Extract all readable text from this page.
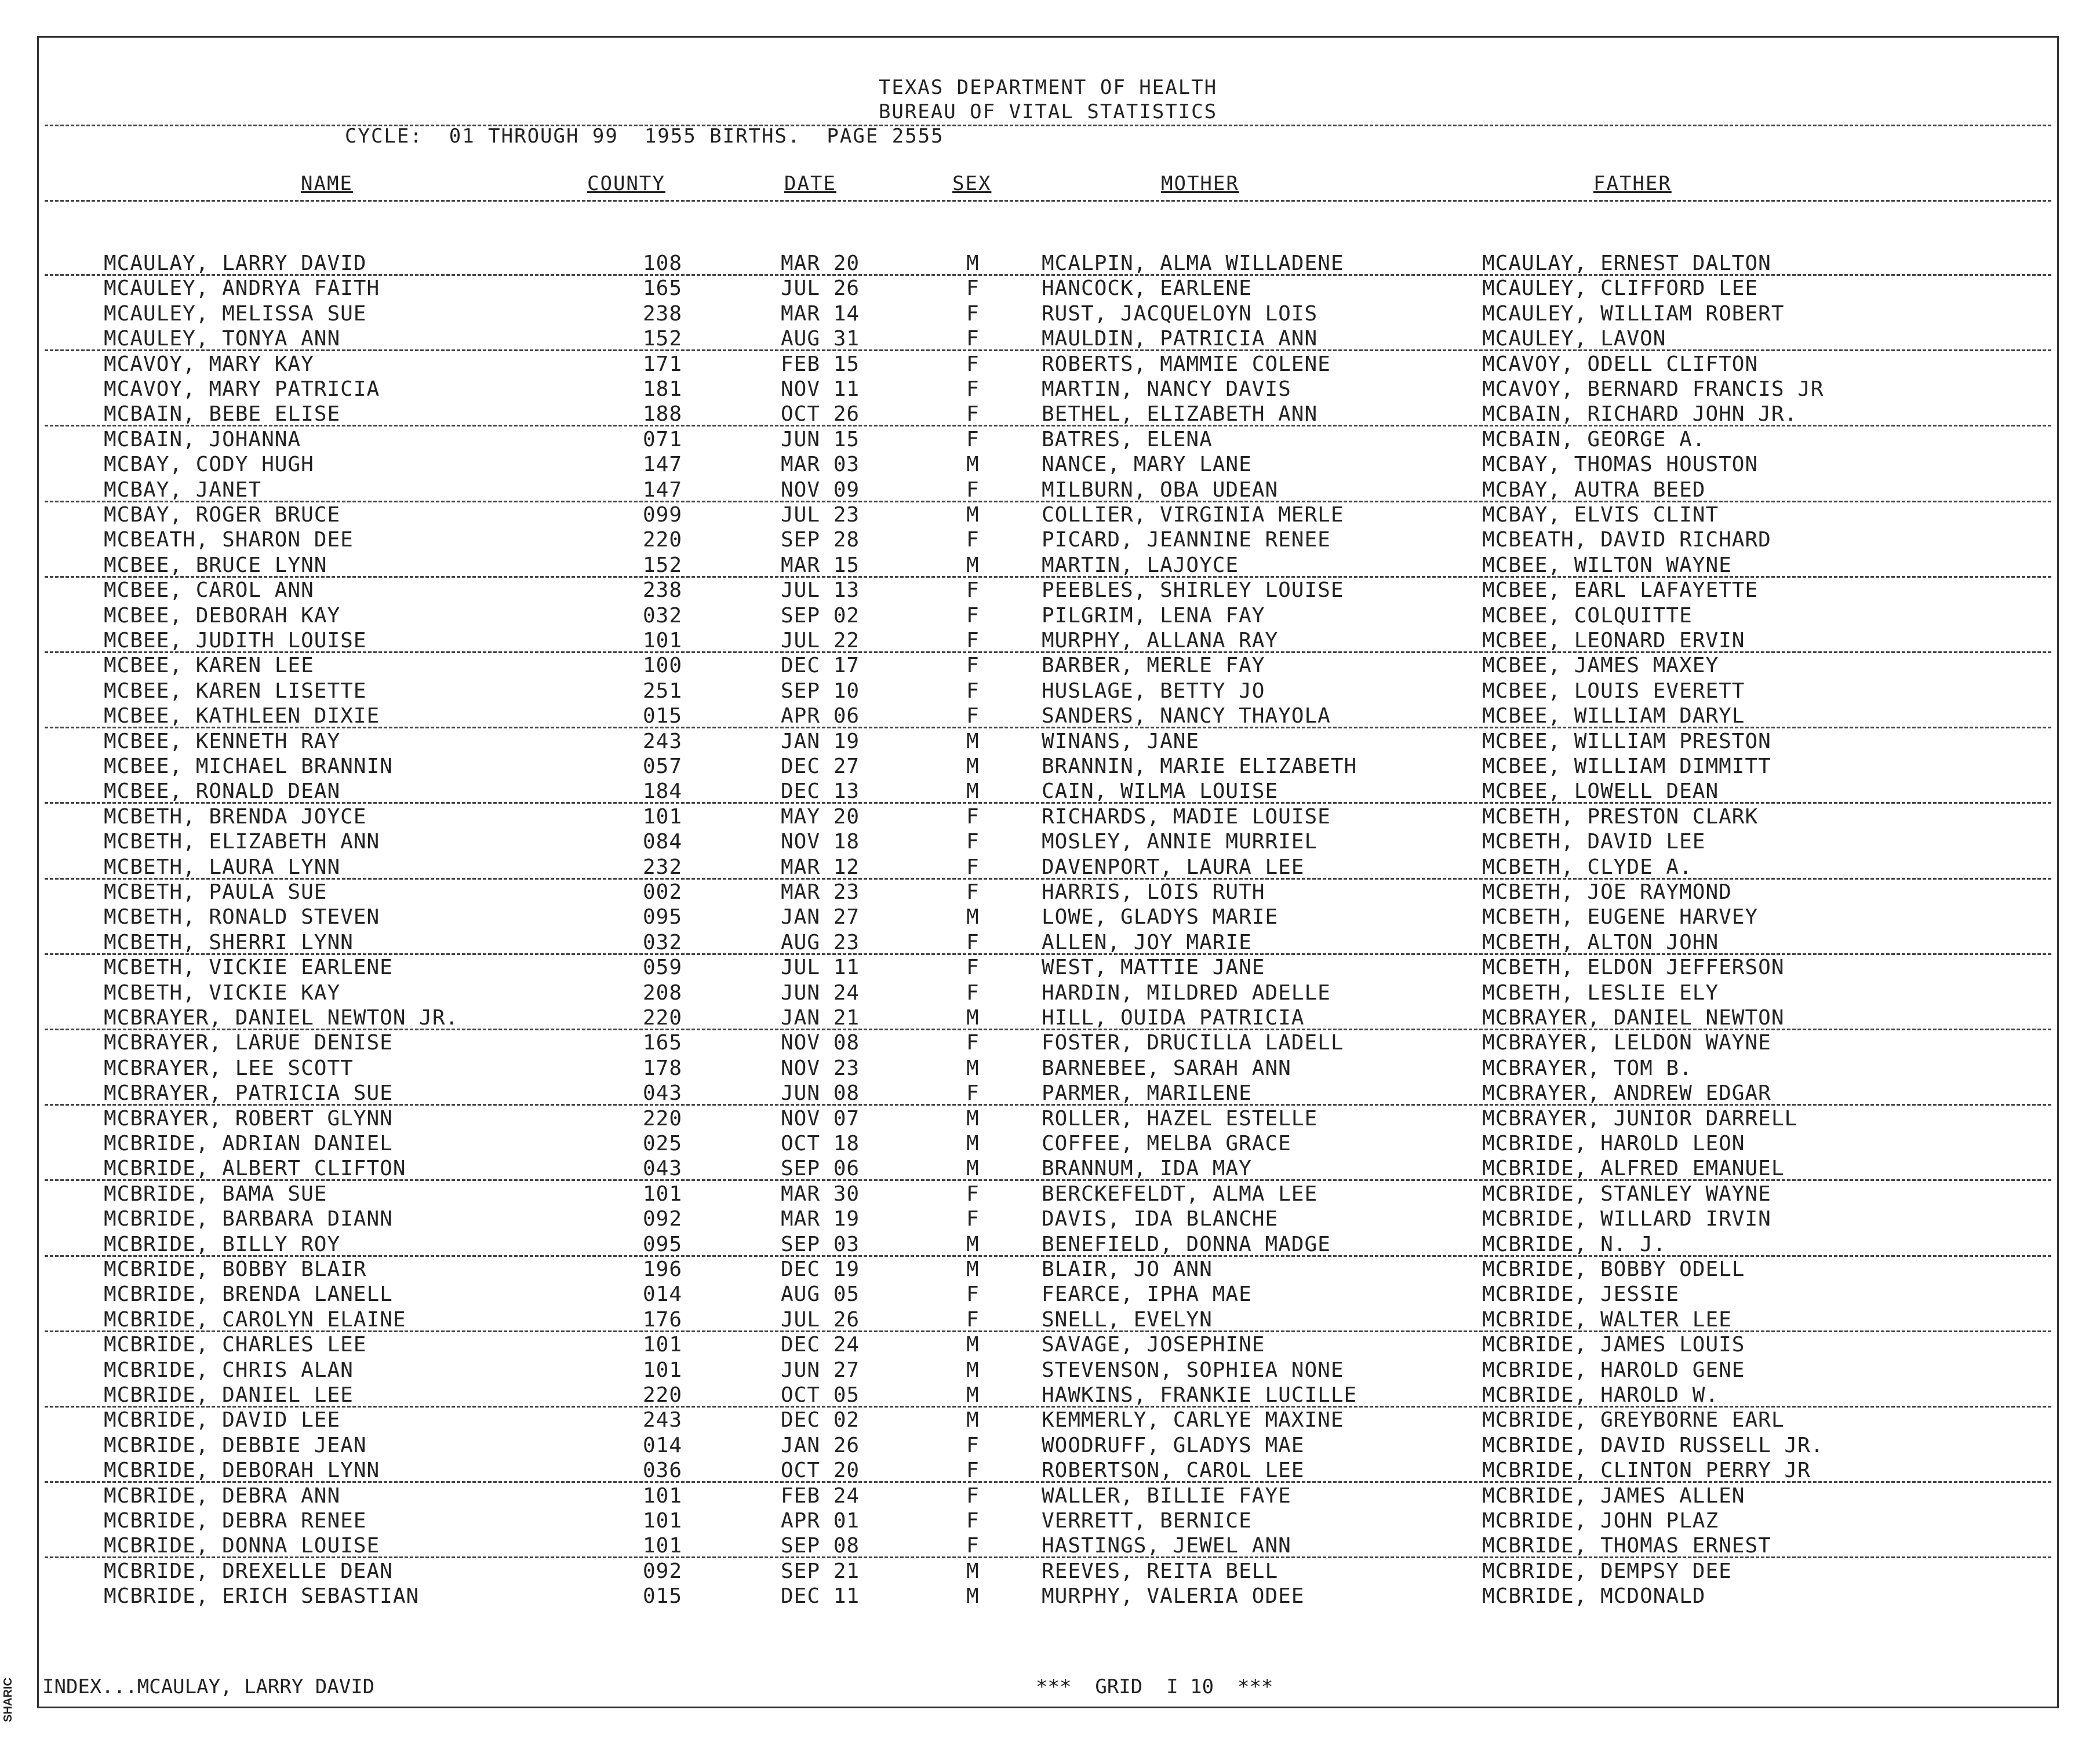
TEXAS DEPARTMENT OF HEALTH
BUREAU OF VITAL STATISTICS
CYCLE:  01 THROUGH 99  1955 BIRTHS.  PAGE 2555
NAME	COUNTY	DATE	SEX	MOTHER	FATHER
MCAULAY, LARRY DAVID	108	MAR 20	M	MCALPIN, ALMA WILLADENE	MCAULAY, ERNEST DALTON
MCAULEY, ANDRYA FAITH	165	JUL 26	F	HANCOCK, EARLENE	MCAULEY, CLIFFORD LEE
MCAULEY, MELISSA SUE	238	MAR 14	F	RUST, JACQUELOYN LOIS	MCAULEY, WILLIAM ROBERT
MCAULEY, TONYA ANN	152	AUG 31	F	MAULDIN, PATRICIA ANN	MCAULEY, LAVON
MCAVOY, MARY KAY	171	FEB 15	F	ROBERTS, MAMMIE COLENE	MCAVOY, ODELL CLIFTON
MCAVOY, MARY PATRICIA	181	NOV 11	F	MARTIN, NANCY DAVIS	MCAVOY, BERNARD FRANCIS JR
MCBAIN, BEBE ELISE	188	OCT 26	F	BETHEL, ELIZABETH ANN	MCBAIN, RICHARD JOHN JR.
MCBAIN, JOHANNA	071	JUN 15	F	BATRES, ELENA	MCBAIN, GEORGE A.
MCBAY, CODY HUGH	147	MAR 03	M	NANCE, MARY LANE	MCBAY, THOMAS HOUSTON
MCBAY, JANET	147	NOV 09	F	MILBURN, OBA UDEAN	MCBAY, AUTRA BEED
MCBAY, ROGER BRUCE	099	JUL 23	M	COLLIER, VIRGINIA MERLE	MCBAY, ELVIS CLINT
MCBEATH, SHARON DEE	220	SEP 28	F	PICARD, JEANNINE RENEE	MCBEATH, DAVID RICHARD
MCBEE, BRUCE LYNN	152	MAR 15	M	MARTIN, LAJOYCE	MCBEE, WILTON WAYNE
MCBEE, CAROL ANN	238	JUL 13	F	PEEBLES, SHIRLEY LOUISE	MCBEE, EARL LAFAYETTE
MCBEE, DEBORAH KAY	032	SEP 02	F	PILGRIM, LENA FAY	MCBEE, COLQUITTE
MCBEE, JUDITH LOUISE	101	JUL 22	F	MURPHY, ALLANA RAY	MCBEE, LEONARD ERVIN
MCBEE, KAREN LEE	100	DEC 17	F	BARBER, MERLE FAY	MCBEE, JAMES MAXEY
MCBEE, KAREN LISETTE	251	SEP 10	F	HUSLAGE, BETTY JO	MCBEE, LOUIS EVERETT
MCBEE, KATHLEEN DIXIE	015	APR 06	F	SANDERS, NANCY THAYOLA	MCBEE, WILLIAM DARYL
MCBEE, KENNETH RAY	243	JAN 19	M	WINANS, JANE	MCBEE, WILLIAM PRESTON
MCBEE, MICHAEL BRANNIN	057	DEC 27	M	BRANNIN, MARIE ELIZABETH	MCBEE, WILLIAM DIMMITT
MCBEE, RONALD DEAN	184	DEC 13	M	CAIN, WILMA LOUISE	MCBEE, LOWELL DEAN
MCBETH, BRENDA JOYCE	101	MAY 20	F	RICHARDS, MADIE LOUISE	MCBETH, PRESTON CLARK
MCBETH, ELIZABETH ANN	084	NOV 18	F	MOSLEY, ANNIE MURRIEL	MCBETH, DAVID LEE
MCBETH, LAURA LYNN	232	MAR 12	F	DAVENPORT, LAURA LEE	MCBETH, CLYDE A.
MCBETH, PAULA SUE	002	MAR 23	F	HARRIS, LOIS RUTH	MCBETH, JOE RAYMOND
MCBETH, RONALD STEVEN	095	JAN 27	M	LOWE, GLADYS MARIE	MCBETH, EUGENE HARVEY
MCBETH, SHERRI LYNN	032	AUG 23	F	ALLEN, JOY MARIE	MCBETH, ALTON JOHN
MCBETH, VICKIE EARLENE	059	JUL 11	F	WEST, MATTIE JANE	MCBETH, ELDON JEFFERSON
MCBETH, VICKIE KAY	208	JUN 24	F	HARDIN, MILDRED ADELLE	MCBETH, LESLIE ELY
MCBRAYER, DANIEL NEWTON JR.	220	JAN 21	M	HILL, OUIDA PATRICIA	MCBRAYER, DANIEL NEWTON
MCBRAYER, LARUE DENISE	165	NOV 08	F	FOSTER, DRUCILLA LADELL	MCBRAYER, LELDON WAYNE
MCBRAYER, LEE SCOTT	178	NOV 23	M	BARNEBEE, SARAH ANN	MCBRAYER, TOM B.
MCBRAYER, PATRICIA SUE	043	JUN 08	F	PARMER, MARILENE	MCBRAYER, ANDREW EDGAR
MCBRAYER, ROBERT GLYNN	220	NOV 07	M	ROLLER, HAZEL ESTELLE	MCBRAYER, JUNIOR DARRELL
MCBRIDE, ADRIAN DANIEL	025	OCT 18	M	COFFEE, MELBA GRACE	MCBRIDE, HAROLD LEON
MCBRIDE, ALBERT CLIFTON	043	SEP 06	M	BRANNUM, IDA MAY	MCBRIDE, ALFRED EMANUEL
MCBRIDE, BAMA SUE	101	MAR 30	F	BERCKEFELDT, ALMA LEE	MCBRIDE, STANLEY WAYNE
MCBRIDE, BARBARA DIANN	092	MAR 19	F	DAVIS, IDA BLANCHE	MCBRIDE, WILLARD IRVIN
MCBRIDE, BILLY ROY	095	SEP 03	M	BENEFIELD, DONNA MADGE	MCBRIDE, N. J.
MCBRIDE, BOBBY BLAIR	196	DEC 19	M	BLAIR, JO ANN	MCBRIDE, BOBBY ODELL
MCBRIDE, BRENDA LANELL	014	AUG 05	F	FEARCE, IPHA MAE	MCBRIDE, JESSIE
MCBRIDE, CAROLYN ELAINE	176	JUL 26	F	SNELL, EVELYN	MCBRIDE, WALTER LEE
MCBRIDE, CHARLES LEE	101	DEC 24	M	SAVAGE, JOSEPHINE	MCBRIDE, JAMES LOUIS
MCBRIDE, CHRIS ALAN	101	JUN 27	M	STEVENSON, SOPHIEA NONE	MCBRIDE, HAROLD GENE
MCBRIDE, DANIEL LEE	220	OCT 05	M	HAWKINS, FRANKIE LUCILLE	MCBRIDE, HAROLD W.
MCBRIDE, DAVID LEE	243	DEC 02	M	KEMMERLY, CARLYE MAXINE	MCBRIDE, GREYBORNE EARL
MCBRIDE, DEBBIE JEAN	014	JAN 26	F	WOODRUFF, GLADYS MAE	MCBRIDE, DAVID RUSSELL JR.
MCBRIDE, DEBORAH LYNN	036	OCT 20	F	ROBERTSON, CAROL LEE	MCBRIDE, CLINTON PERRY JR
MCBRIDE, DEBRA ANN	101	FEB 24	F	WALLER, BILLIE FAYE	MCBRIDE, JAMES ALLEN
MCBRIDE, DEBRA RENEE	101	APR 01	F	VERRETT, BERNICE	MCBRIDE, JOHN PLAZ
MCBRIDE, DONNA LOUISE	101	SEP 08	F	HASTINGS, JEWEL ANN	MCBRIDE, THOMAS ERNEST
MCBRIDE, DREXELLE DEAN	092	SEP 21	M	REEVES, REITA BELL	MCBRIDE, DEMPSY DEE
MCBRIDE, ERICH SEBASTIAN	015	DEC 11	M	MURPHY, VALERIA ODEE	MCBRIDE, MCDONALD
INDEX...MCAULAY, LARRY DAVID	***  GRID  I 10  ***
SHARIC
